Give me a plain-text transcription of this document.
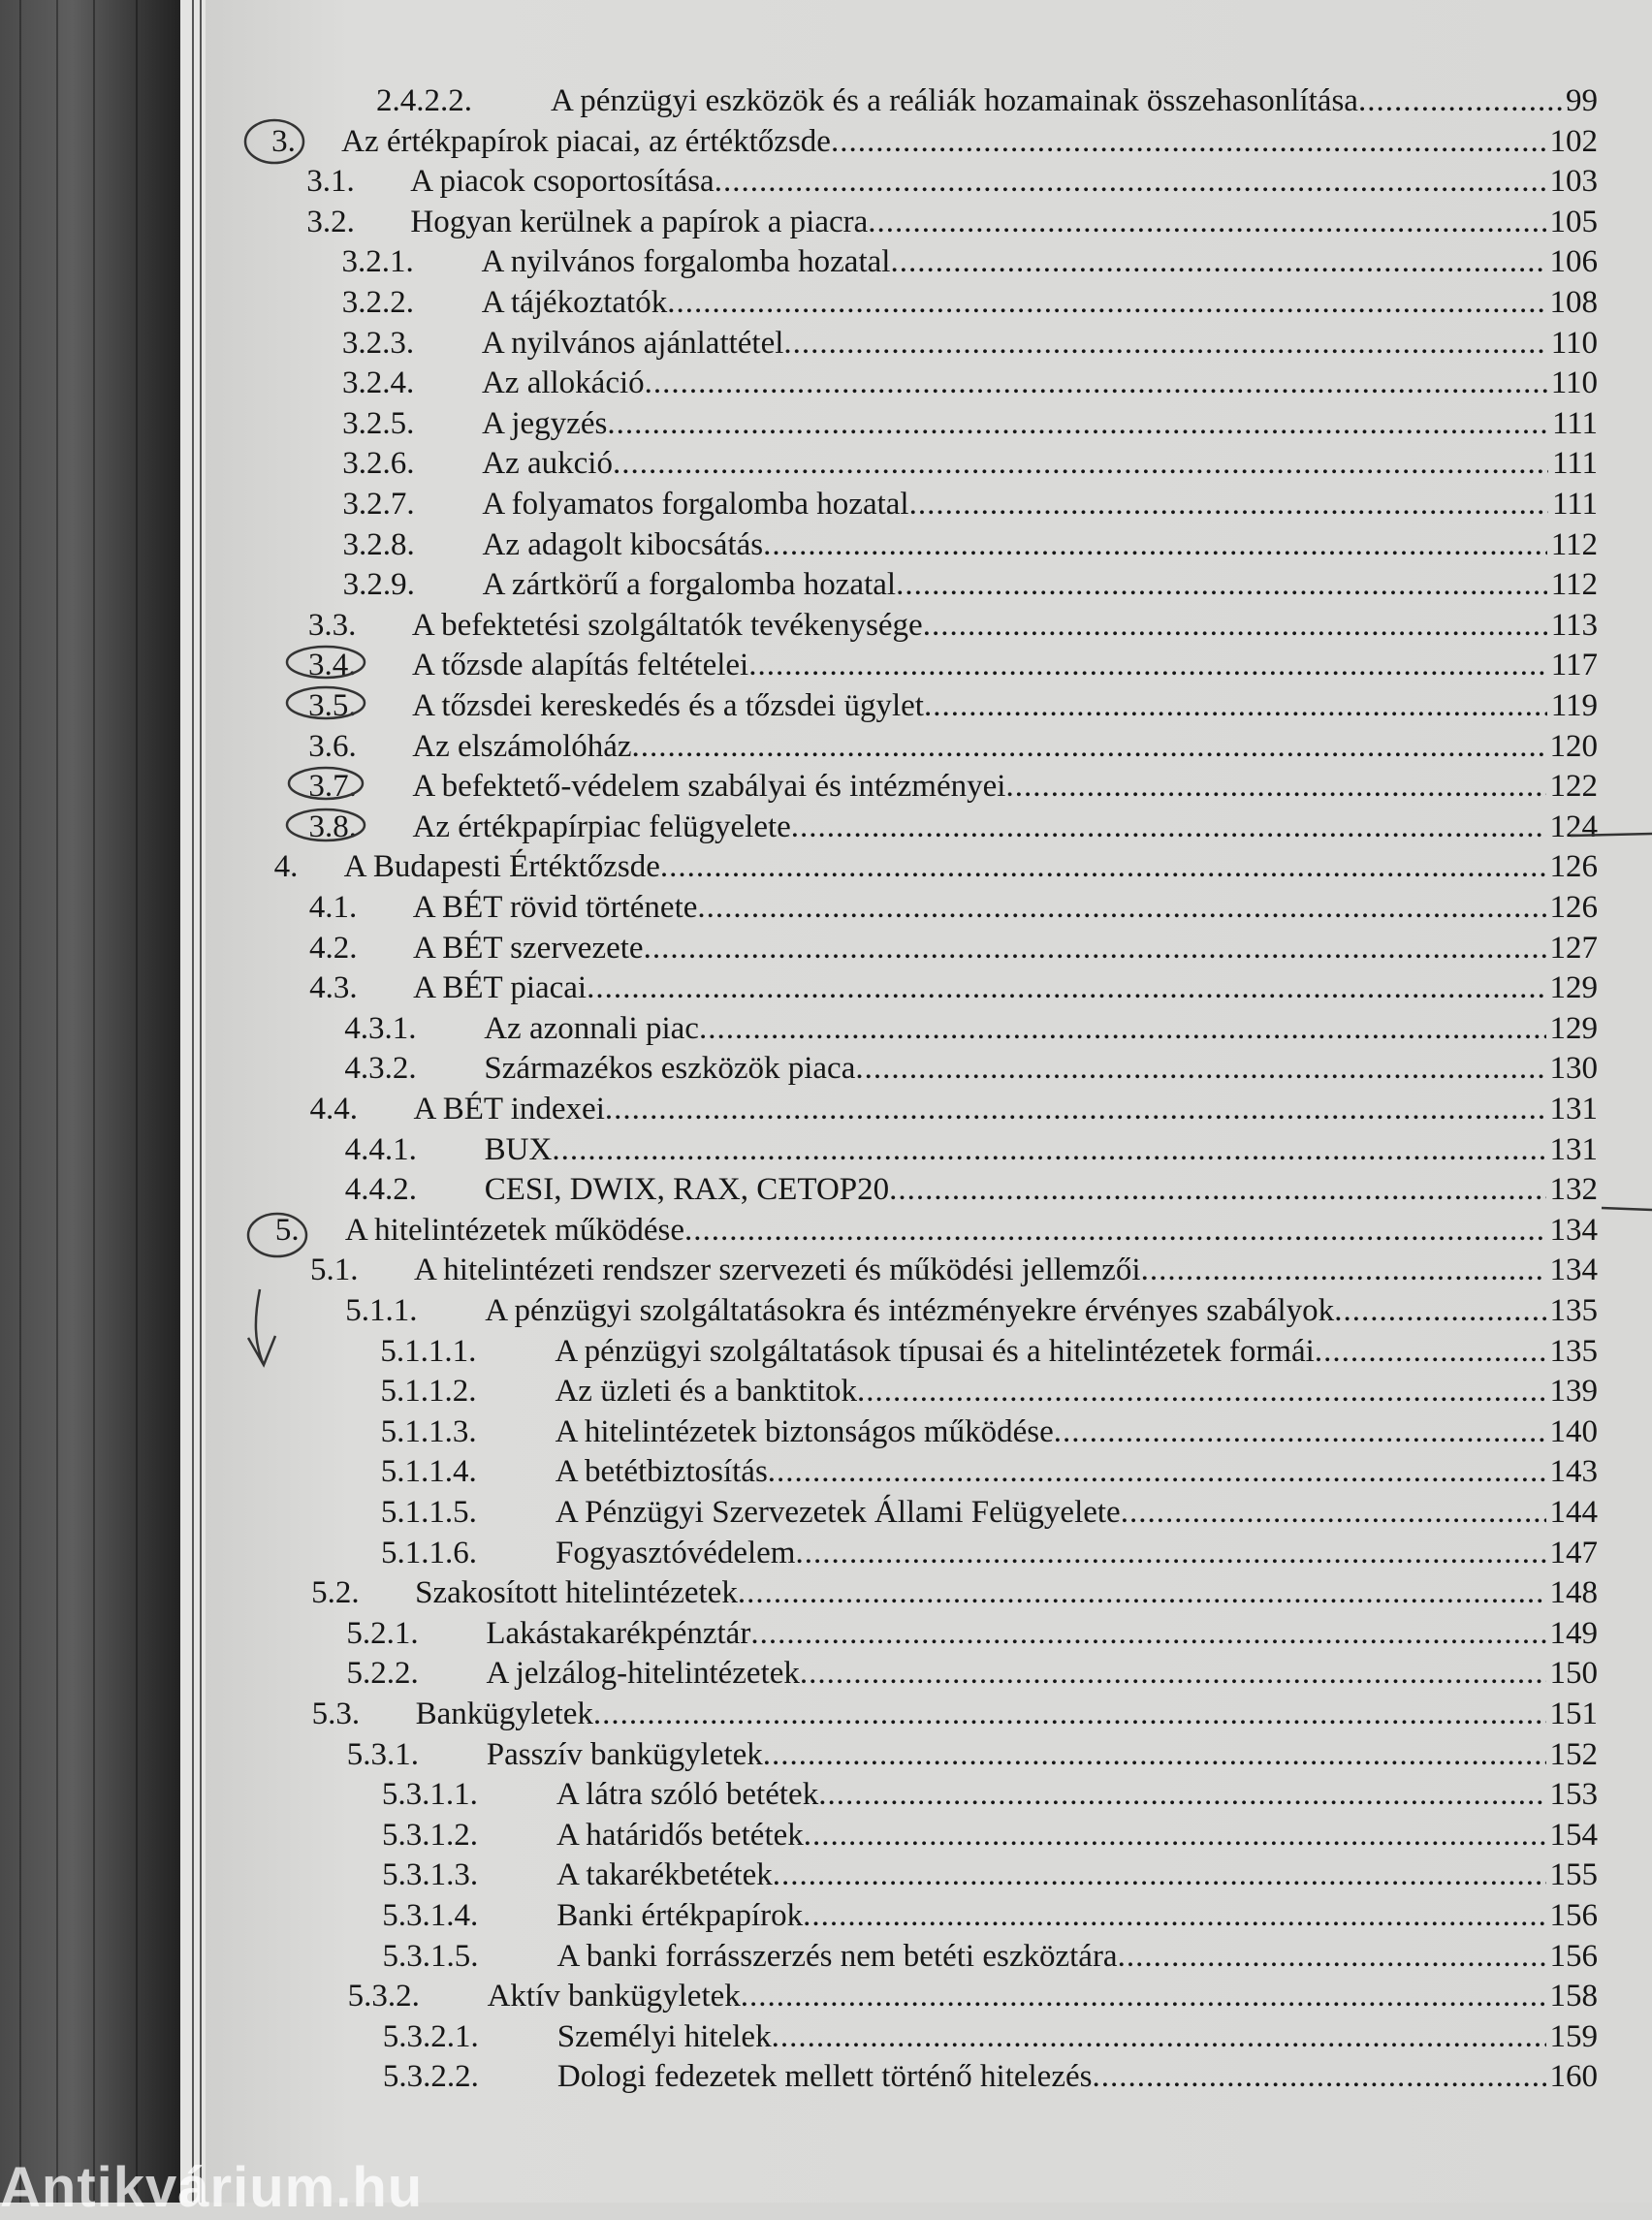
2.4.2.2. A pénzügyi eszközök és a reáliák hozamainak összehasonlítása .....	99
3. Az értékpapírok piacai, az értéktőzsde .....	102
3.1. A piacok csoportosítása .....	103
3.2. Hogyan kerülnek a papírok a piacra .....	105
3.2.1. A nyilvános forgalomba hozatal .....	106
3.2.2. A tájékoztatók .....	108
3.2.3. A nyilvános ajánlattétel .....	110
3.2.4. Az allokáció .....	110
3.2.5. A jegyzés .....	111
3.2.6. Az aukció .....	111
3.2.7. A folyamatos forgalomba hozatal .....	111
3.2.8. Az adagolt kibocsátás .....	112
3.2.9. A zártkörű a forgalomba hozatal .....	112
3.3. A befektetési szolgáltatók tevékenysége .....	113
3.4. A tőzsde alapítás feltételei .....	117
3.5. A tőzsdei kereskedés és a tőzsdei ügylet .....	119
3.6. Az elszámolóház .....	120
3.7. A befektető-védelem szabályai és intézményei .....	122
3.8. Az értékpapírpiac felügyelete .....	124
4. A Budapesti Értéktőzsde .....	126
4.1. A BÉT rövid története .....	126
4.2. A BÉT szervezete .....	127
4.3. A BÉT piacai .....	129
4.3.1. Az azonnali piac .....	129
4.3.2. Származékos eszközök piaca .....	130
4.4. A BÉT indexei .....	131
4.4.1. BUX .....	131
4.4.2. CESI, DWIX, RAX, CETOP20 .....	132
5. A hitelintézetek működése .....	134
5.1. A hitelintézeti rendszer szervezeti és működési jellemzői .....	134
5.1.1. A pénzügyi szolgáltatásokra és intézményekre érvényes szabályok .....	135
5.1.1.1. A pénzügyi szolgáltatások típusai és a hitelintézetek formái .....	135
5.1.1.2. Az üzleti és a banktitok .....	139
5.1.1.3. A hitelintézetek biztonságos működése .....	140
5.1.1.4. A betétbiztosítás .....	143
5.1.1.5. A Pénzügyi Szervezetek Állami Felügyelete .....	144
5.1.1.6. Fogyasztóvédelem .....	147
5.2. Szakosított hitelintézetek .....	148
5.2.1. Lakástakarékpénztár .....	149
5.2.2. A jelzálog-hitelintézetek .....	150
5.3. Bankügyletek .....	151
5.3.1. Passzív bankügyletek .....	152
5.3.1.1. A látra szóló betétek .....	153
5.3.1.2. A határidős betétek .....	154
5.3.1.3. A takarékbetétek .....	155
5.3.1.4. Banki értékpapírok .....	156
5.3.1.5. A banki forrásszerzés nem betéti eszköztára .....	156
5.3.2. Aktív bankügyletek .....	158
5.3.2.1. Személyi hitelek .....	159
5.3.2.2. Dologi fedezetek mellett történő hitelezés .....	160
Antikvárium.hu
